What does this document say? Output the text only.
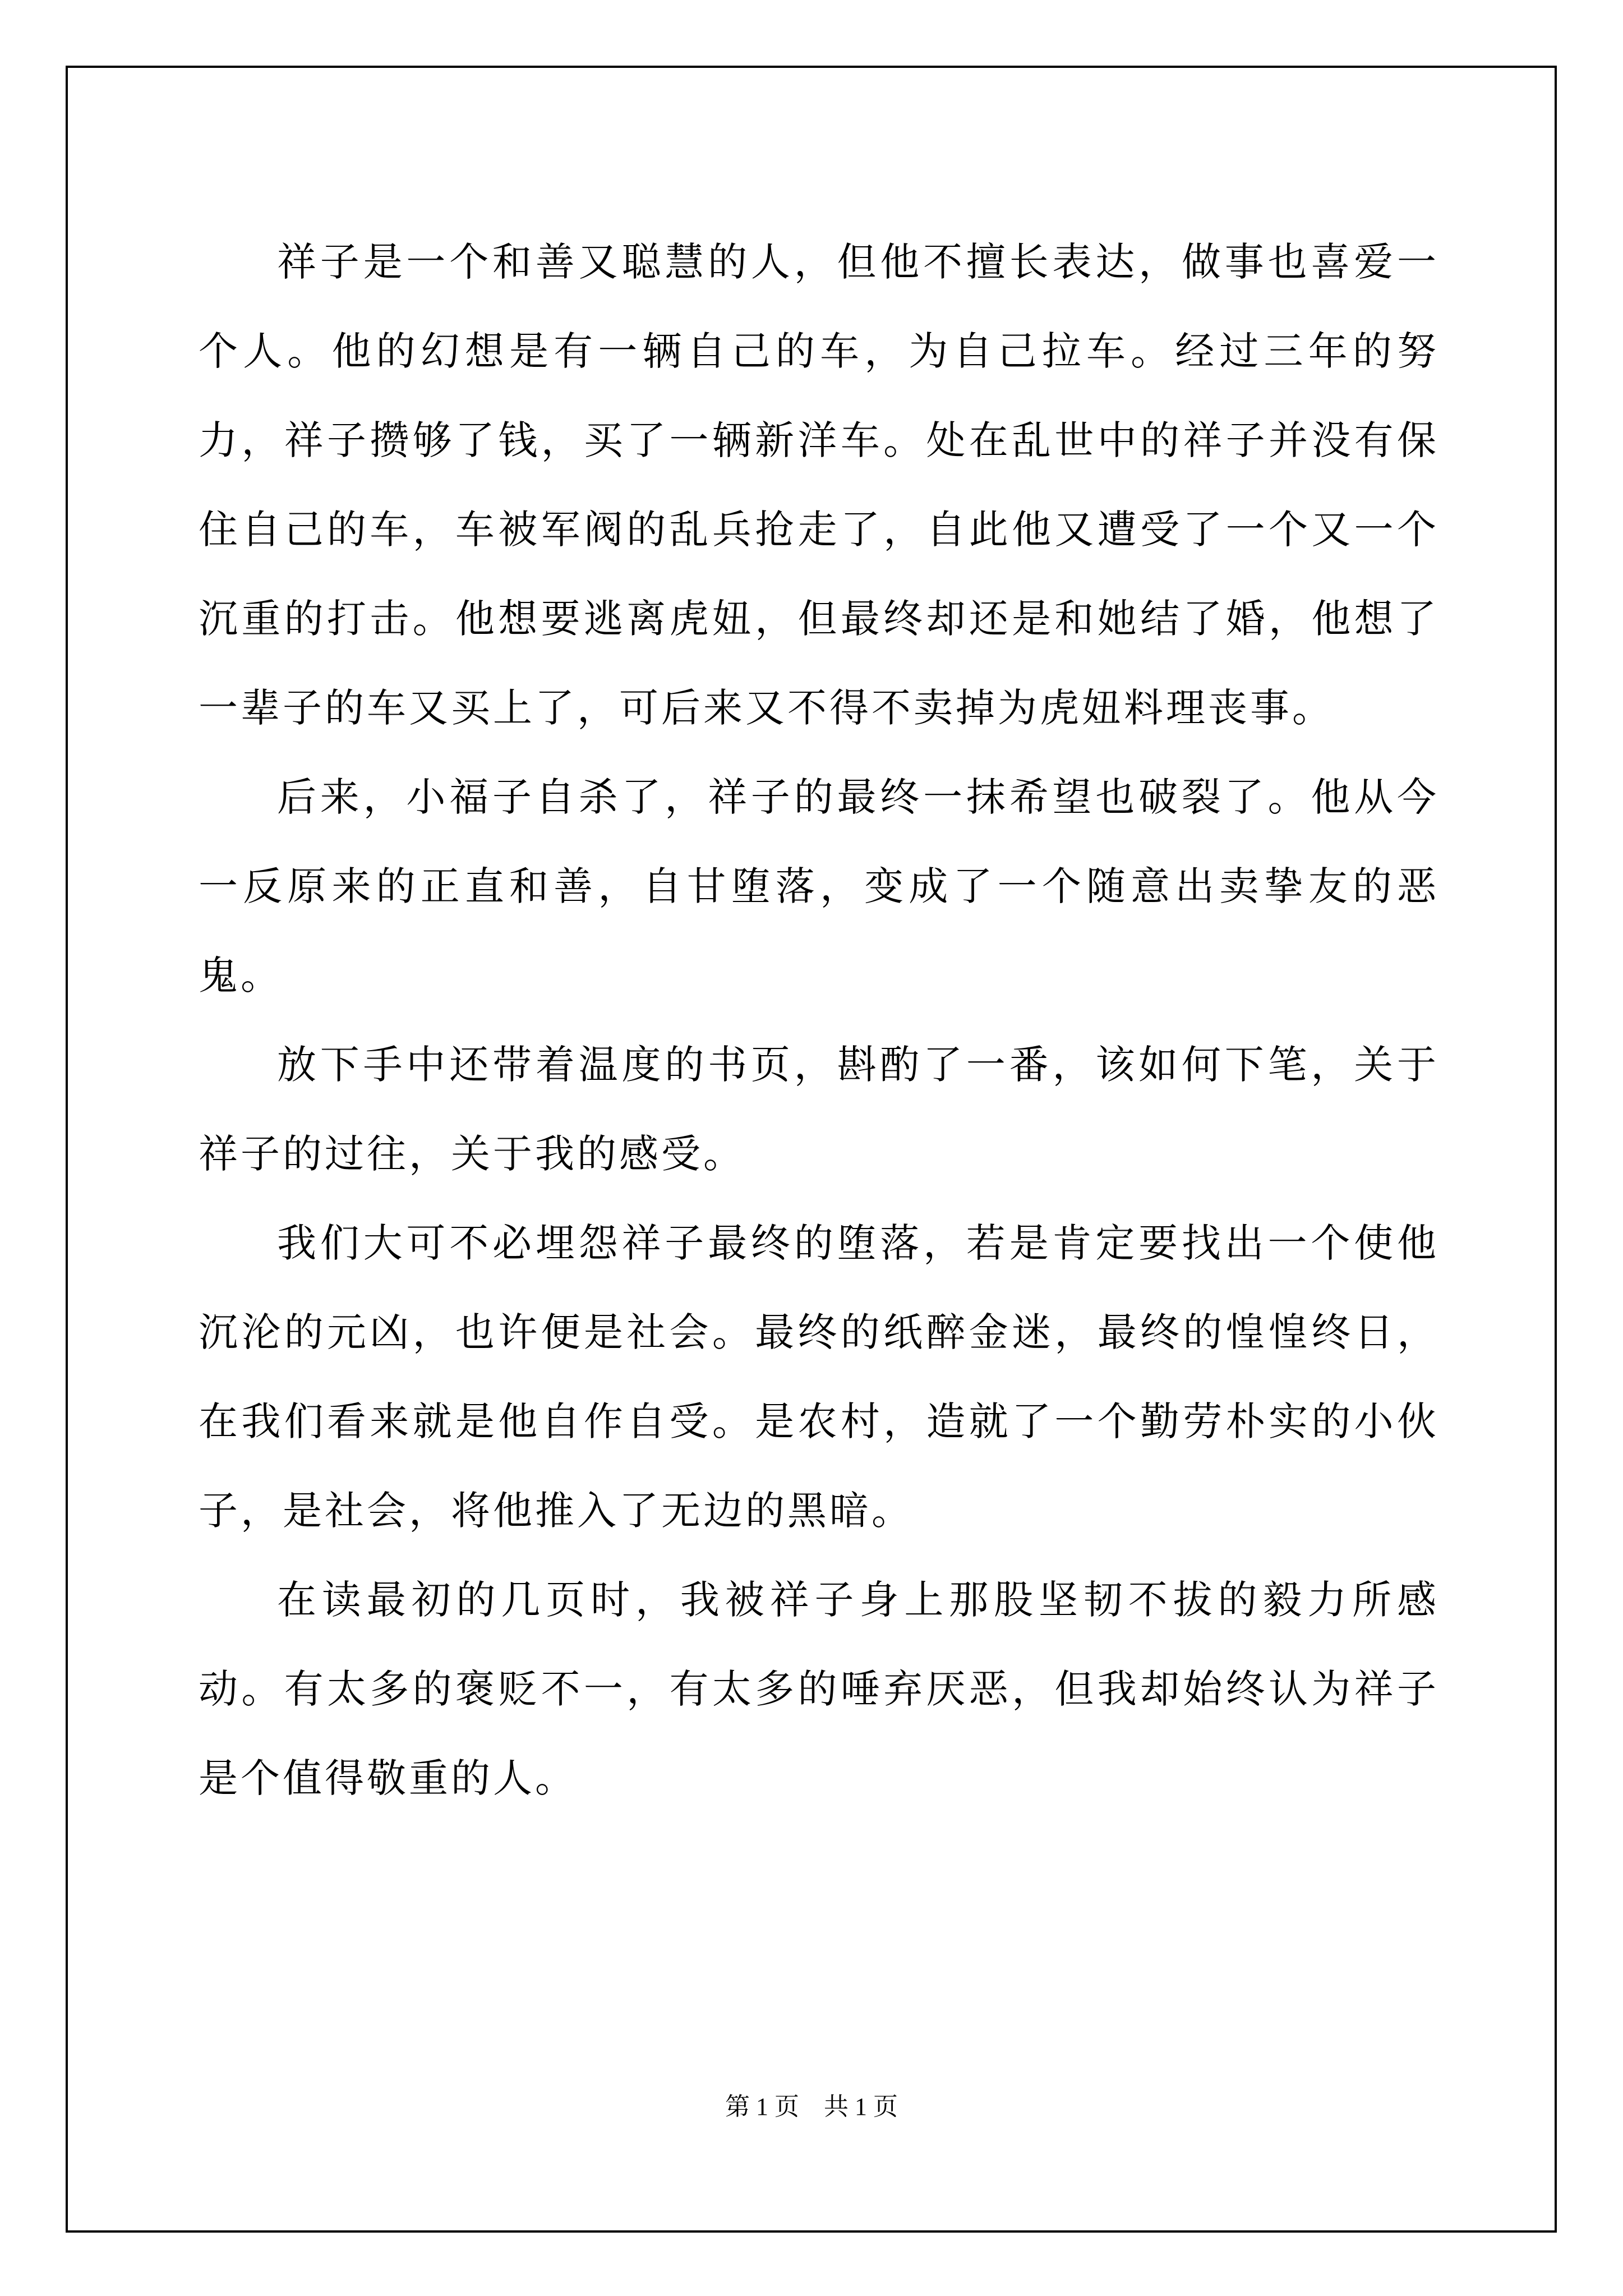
祥子是一个和善又聪慧的人，但他不擅长表达，做事也喜爱一个人。他的幻想是有一辆自己的车，为自己拉车。经过三年的努力，祥子攒够了钱，买了一辆新洋车。处在乱世中的祥子并没有保住自己的车，车被军阀的乱兵抢走了，自此他又遭受了一个又一个沉重的打击。他想要逃离虎妞，但最终却还是和她结了婚，他想了一辈子的车又买上了，可后来又不得不卖掉为虎妞料理丧事。

后来，小福子自杀了，祥子的最终一抹希望也破裂了。他从今一反原来的正直和善，自甘堕落，变成了一个随意出卖挚友的恶鬼。

放下手中还带着温度的书页，斟酌了一番，该如何下笔，关于祥子的过往，关于我的感受。

我们大可不必埋怨祥子最终的堕落，若是肯定要找出一个使他沉沦的元凶，也许便是社会。最终的纸醉金迷，最终的惶惶终日，在我们看来就是他自作自受。是农村，造就了一个勤劳朴实的小伙子，是社会，将他推入了无边的黑暗。

在读最初的几页时，我被祥子身上那股坚韧不拔的毅力所感动。有太多的褒贬不一，有太多的唾弃厌恶，但我却始终认为祥子是个值得敬重的人。

第 1 页    共 1 页
